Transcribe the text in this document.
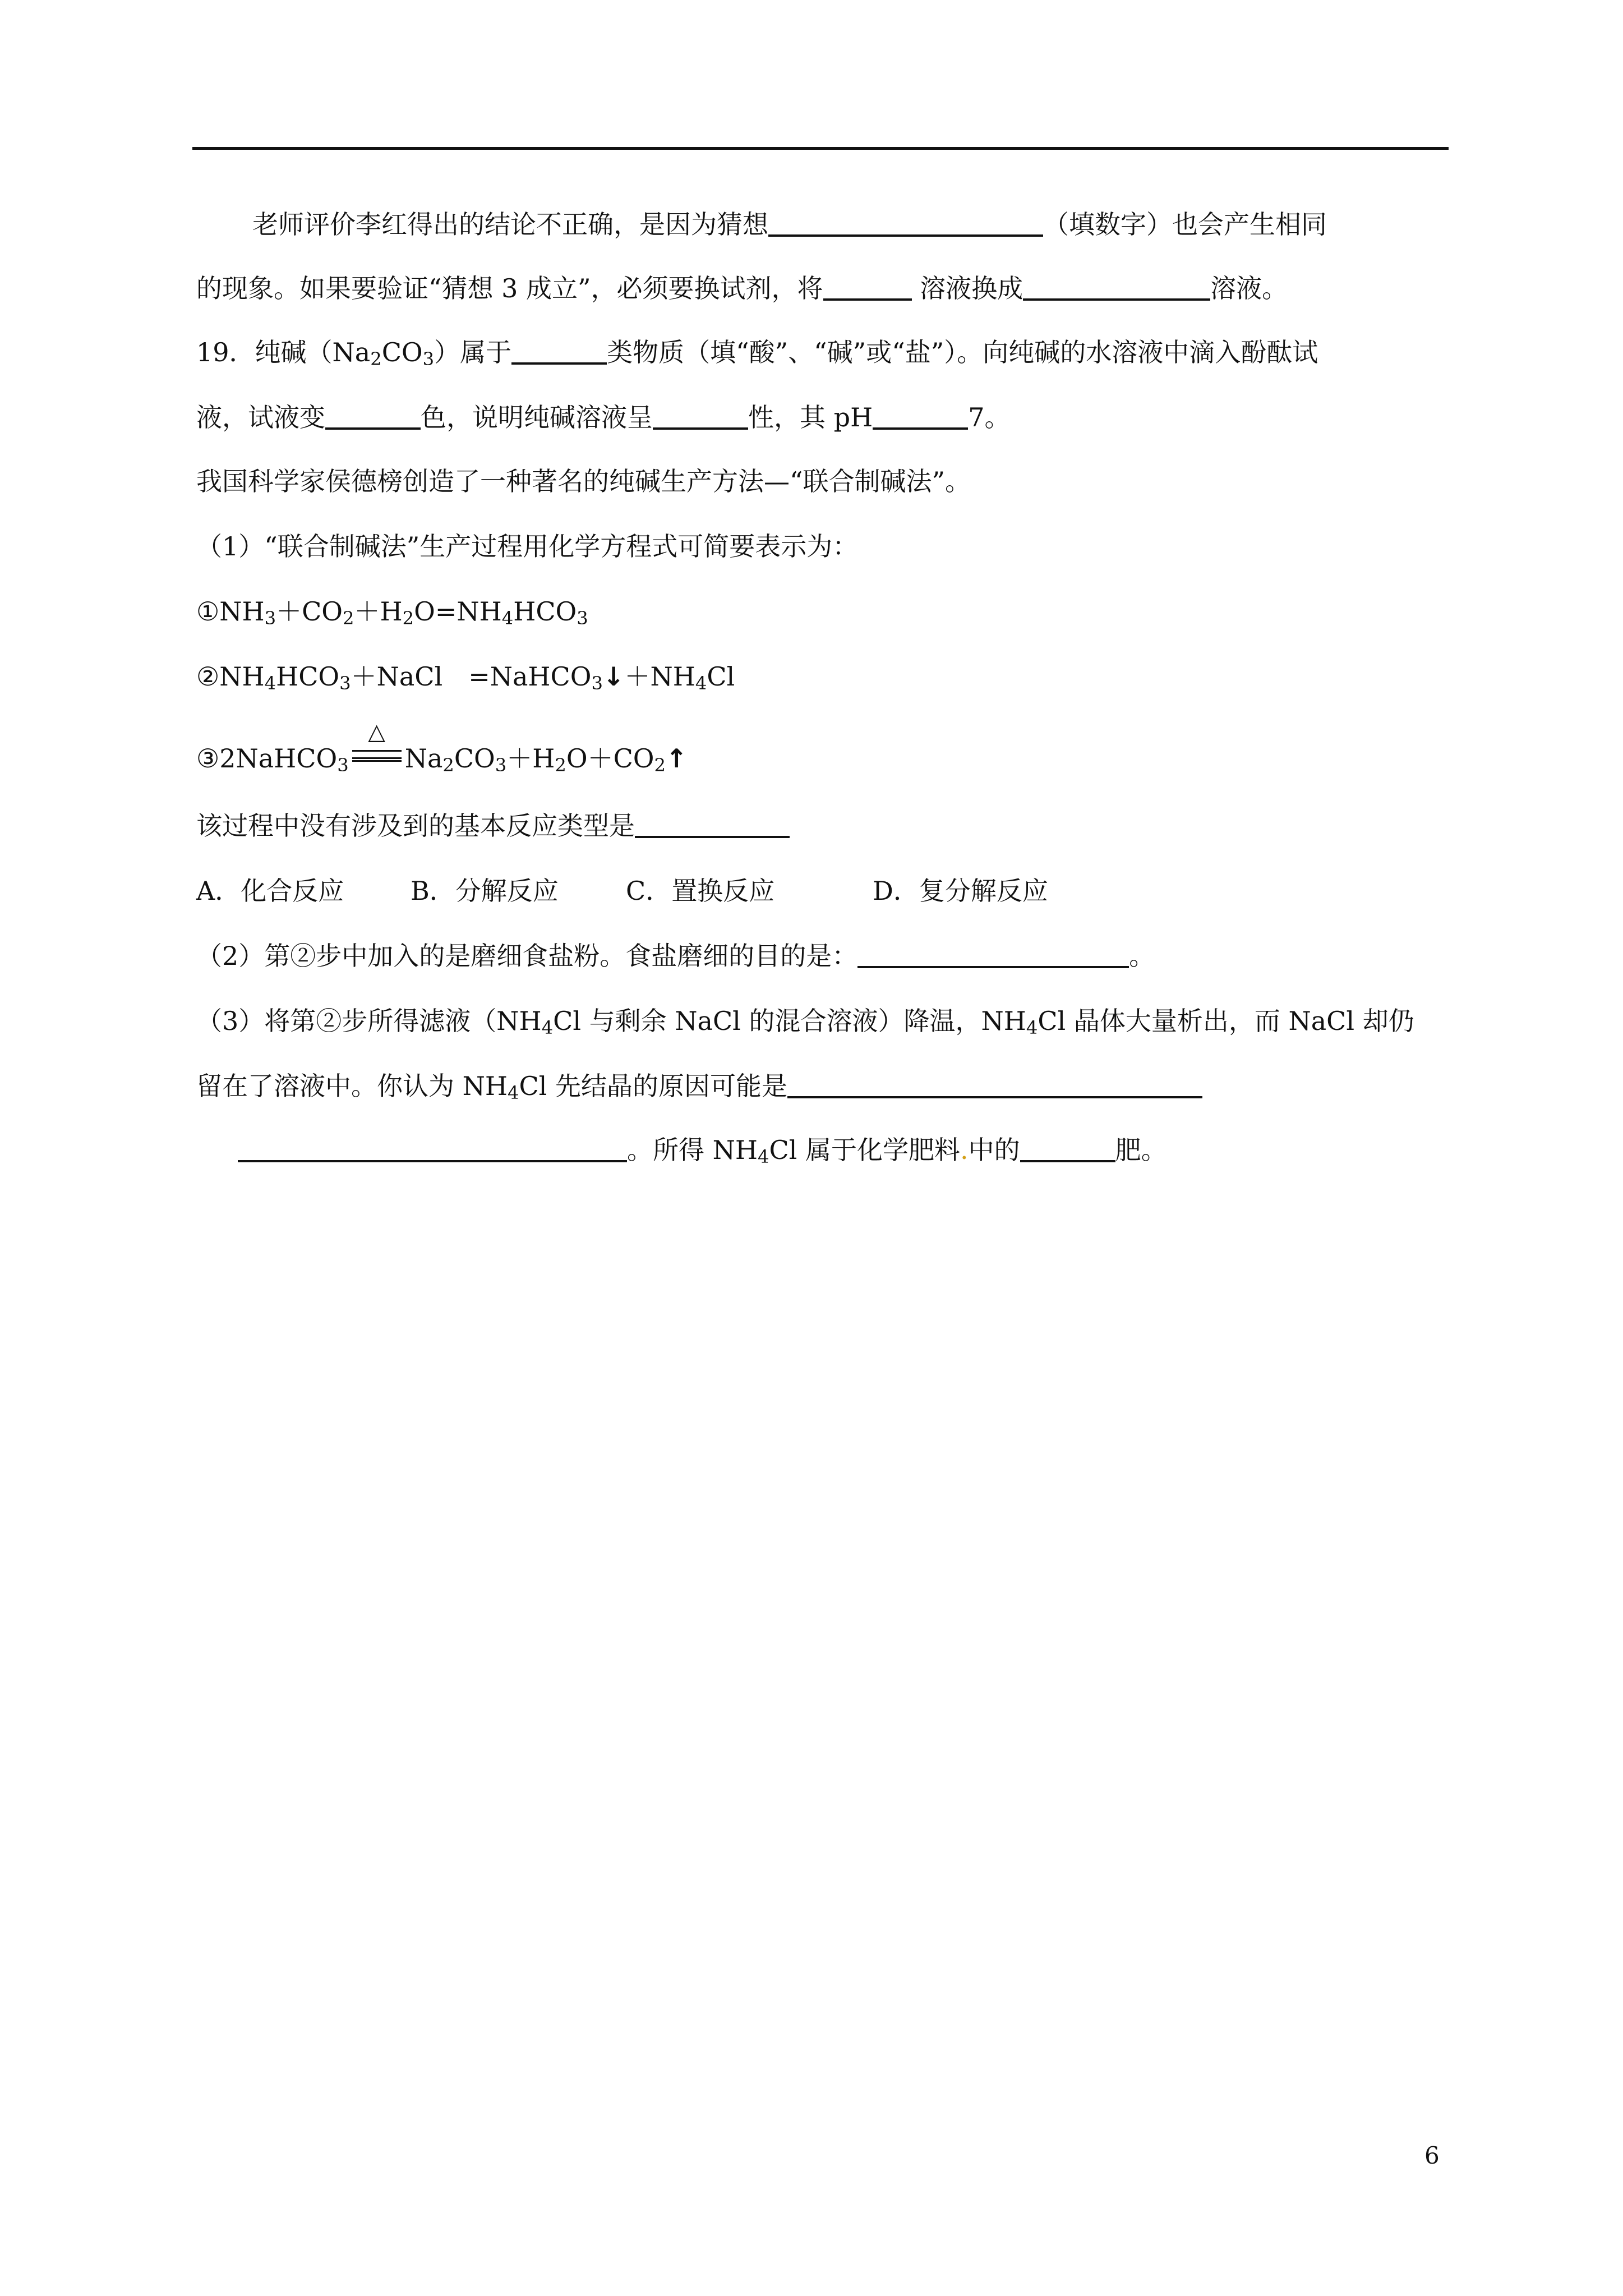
老师评价李红得出的结论不正确，是因为猜想	（填数字）也会产生相同
的现象。如果要验证“猜想 3 成立”，必须要换试剂，将	溶液换成	溶液。
19．纯碱$(Na_2CO_3)$属于	类物质（填“酸”、“碱”或“盐”）。向纯碱的水溶液中滴入酚酞试
液，试液变	色，说明纯碱溶液呈	性，其 pH	7。
我国科学家侯德榜创造了一种著名的纯碱生产方法—“联合制碱法”。
（1）“联合制碱法”生产过程用化学方程式可简要表示为：
$①NH_3+CO_2+H_2O=NH_4HCO_3$
$②NH_4HCO_3+NaCl$　$=NaHCO_3↓+NH_4Cl$
③2NaHCO$_3$
△
$Na_2CO_3+H_2O+CO_2↑$
该过程中没有涉及到的基本反应类型是
A．化合反应	B．分解反应	C．置换反应	D．复分解反应
（2）第②步中加入的是磨细食盐粉。食盐磨细的目的是：	。
（3）将第②步所得滤液（$NH_4Cl$ 与剩余 NaCl 的混合溶液）降温，$NH_4Cl$ 晶体大量析出，而 NaCl 却仍
留在了溶液中。你认为 $NH_4Cl$ 先结晶的原因可能是
。所得 $NH_4Cl$ 属于化学肥料.中的	肥。
6
